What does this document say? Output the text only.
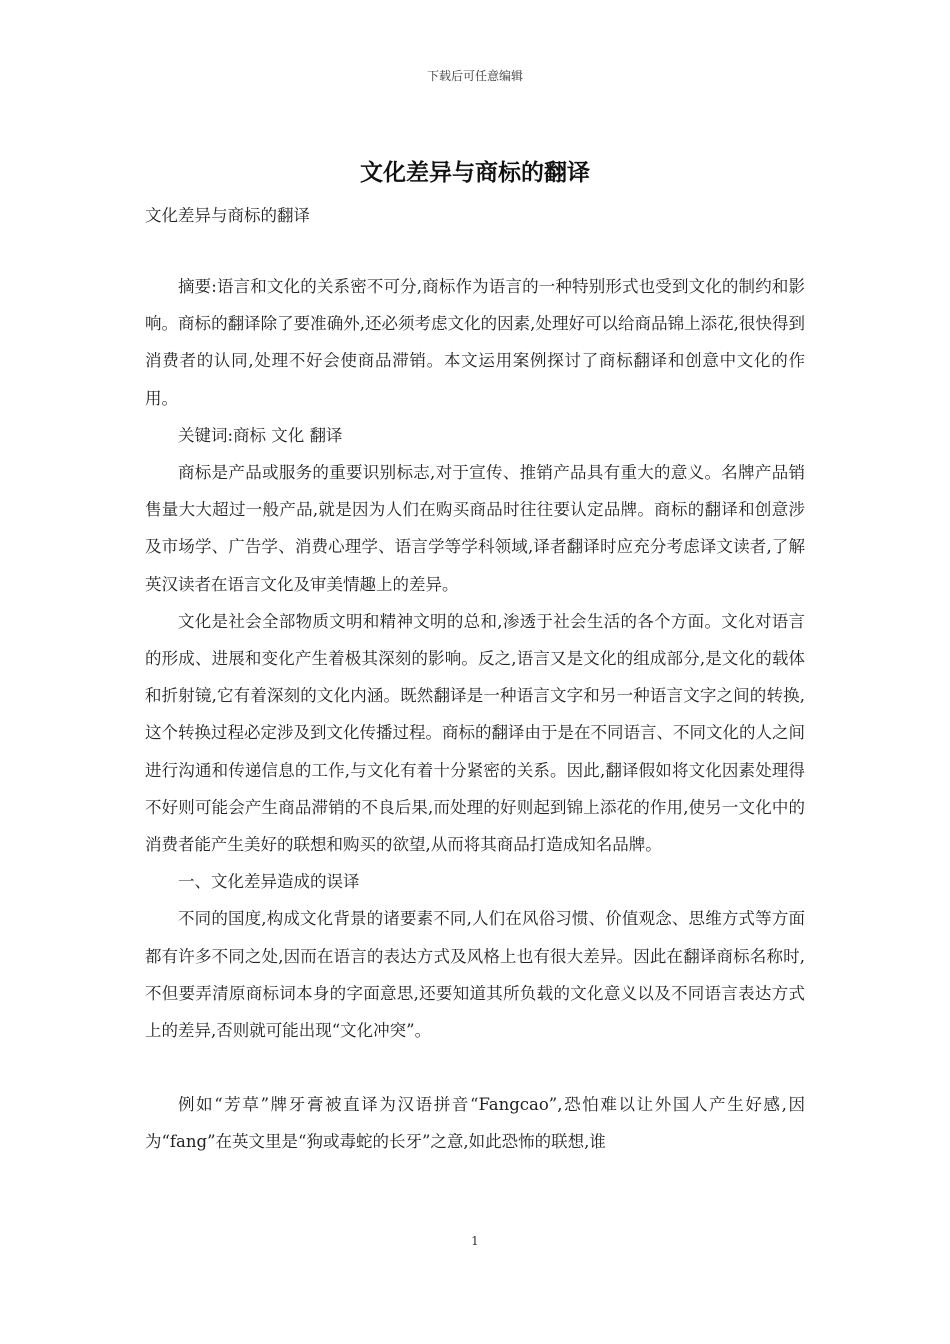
下载后可任意编辑
文化差异与商标的翻译
文化差异与商标的翻译

摘要:语言和文化的关系密不可分,商标作为语言的一种特别形式也受到文化的制约和影响。商标的翻译除了要准确外,还必须考虑文化的因素,处理好可以给商品锦上添花,很快得到消费者的认同,处理不好会使商品滞销。本文运用案例探讨了商标翻译和创意中文化的作用。

关键词:商标 文化 翻译

商标是产品或服务的重要识别标志,对于宣传、推销产品具有重大的意义。名牌产品销售量大大超过一般产品,就是因为人们在购买商品时往往要认定品牌。商标的翻译和创意涉及市场学、广告学、消费心理学、语言学等学科领域,译者翻译时应充分考虑译文读者,了解英汉读者在语言文化及审美情趣上的差异。

文化是社会全部物质文明和精神文明的总和,渗透于社会生活的各个方面。文化对语言的形成、进展和变化产生着极其深刻的影响。反之,语言又是文化的组成部分,是文化的载体和折射镜,它有着深刻的文化内涵。既然翻译是一种语言文字和另一种语言文字之间的转换,这个转换过程必定涉及到文化传播过程。商标的翻译由于是在不同语言、不同文化的人之间进行沟通和传递信息的工作,与文化有着十分紧密的关系。因此,翻译假如将文化因素处理得不好则可能会产生商品滞销的不良后果,而处理的好则起到锦上添花的作用,使另一文化中的消费者能产生美好的联想和购买的欲望,从而将其商品打造成知名品牌。

一、文化差异造成的误译

不同的国度,构成文化背景的诸要素不同,人们在风俗习惯、价值观念、思维方式等方面都有许多不同之处,因而在语言的表达方式及风格上也有很大差异。因此在翻译商标名称时,不但要弄清原商标词本身的字面意思,还要知道其所负载的文化意义以及不同语言表达方式上的差异,否则就可能出现“文化冲突”。

例如“芳草”牌牙膏被直译为汉语拼音“Fangcao”,恐怕难以让外国人产生好感,因为“fang”在英文里是“狗或毒蛇的长牙”之意,如此恐怖的联想,谁

1
